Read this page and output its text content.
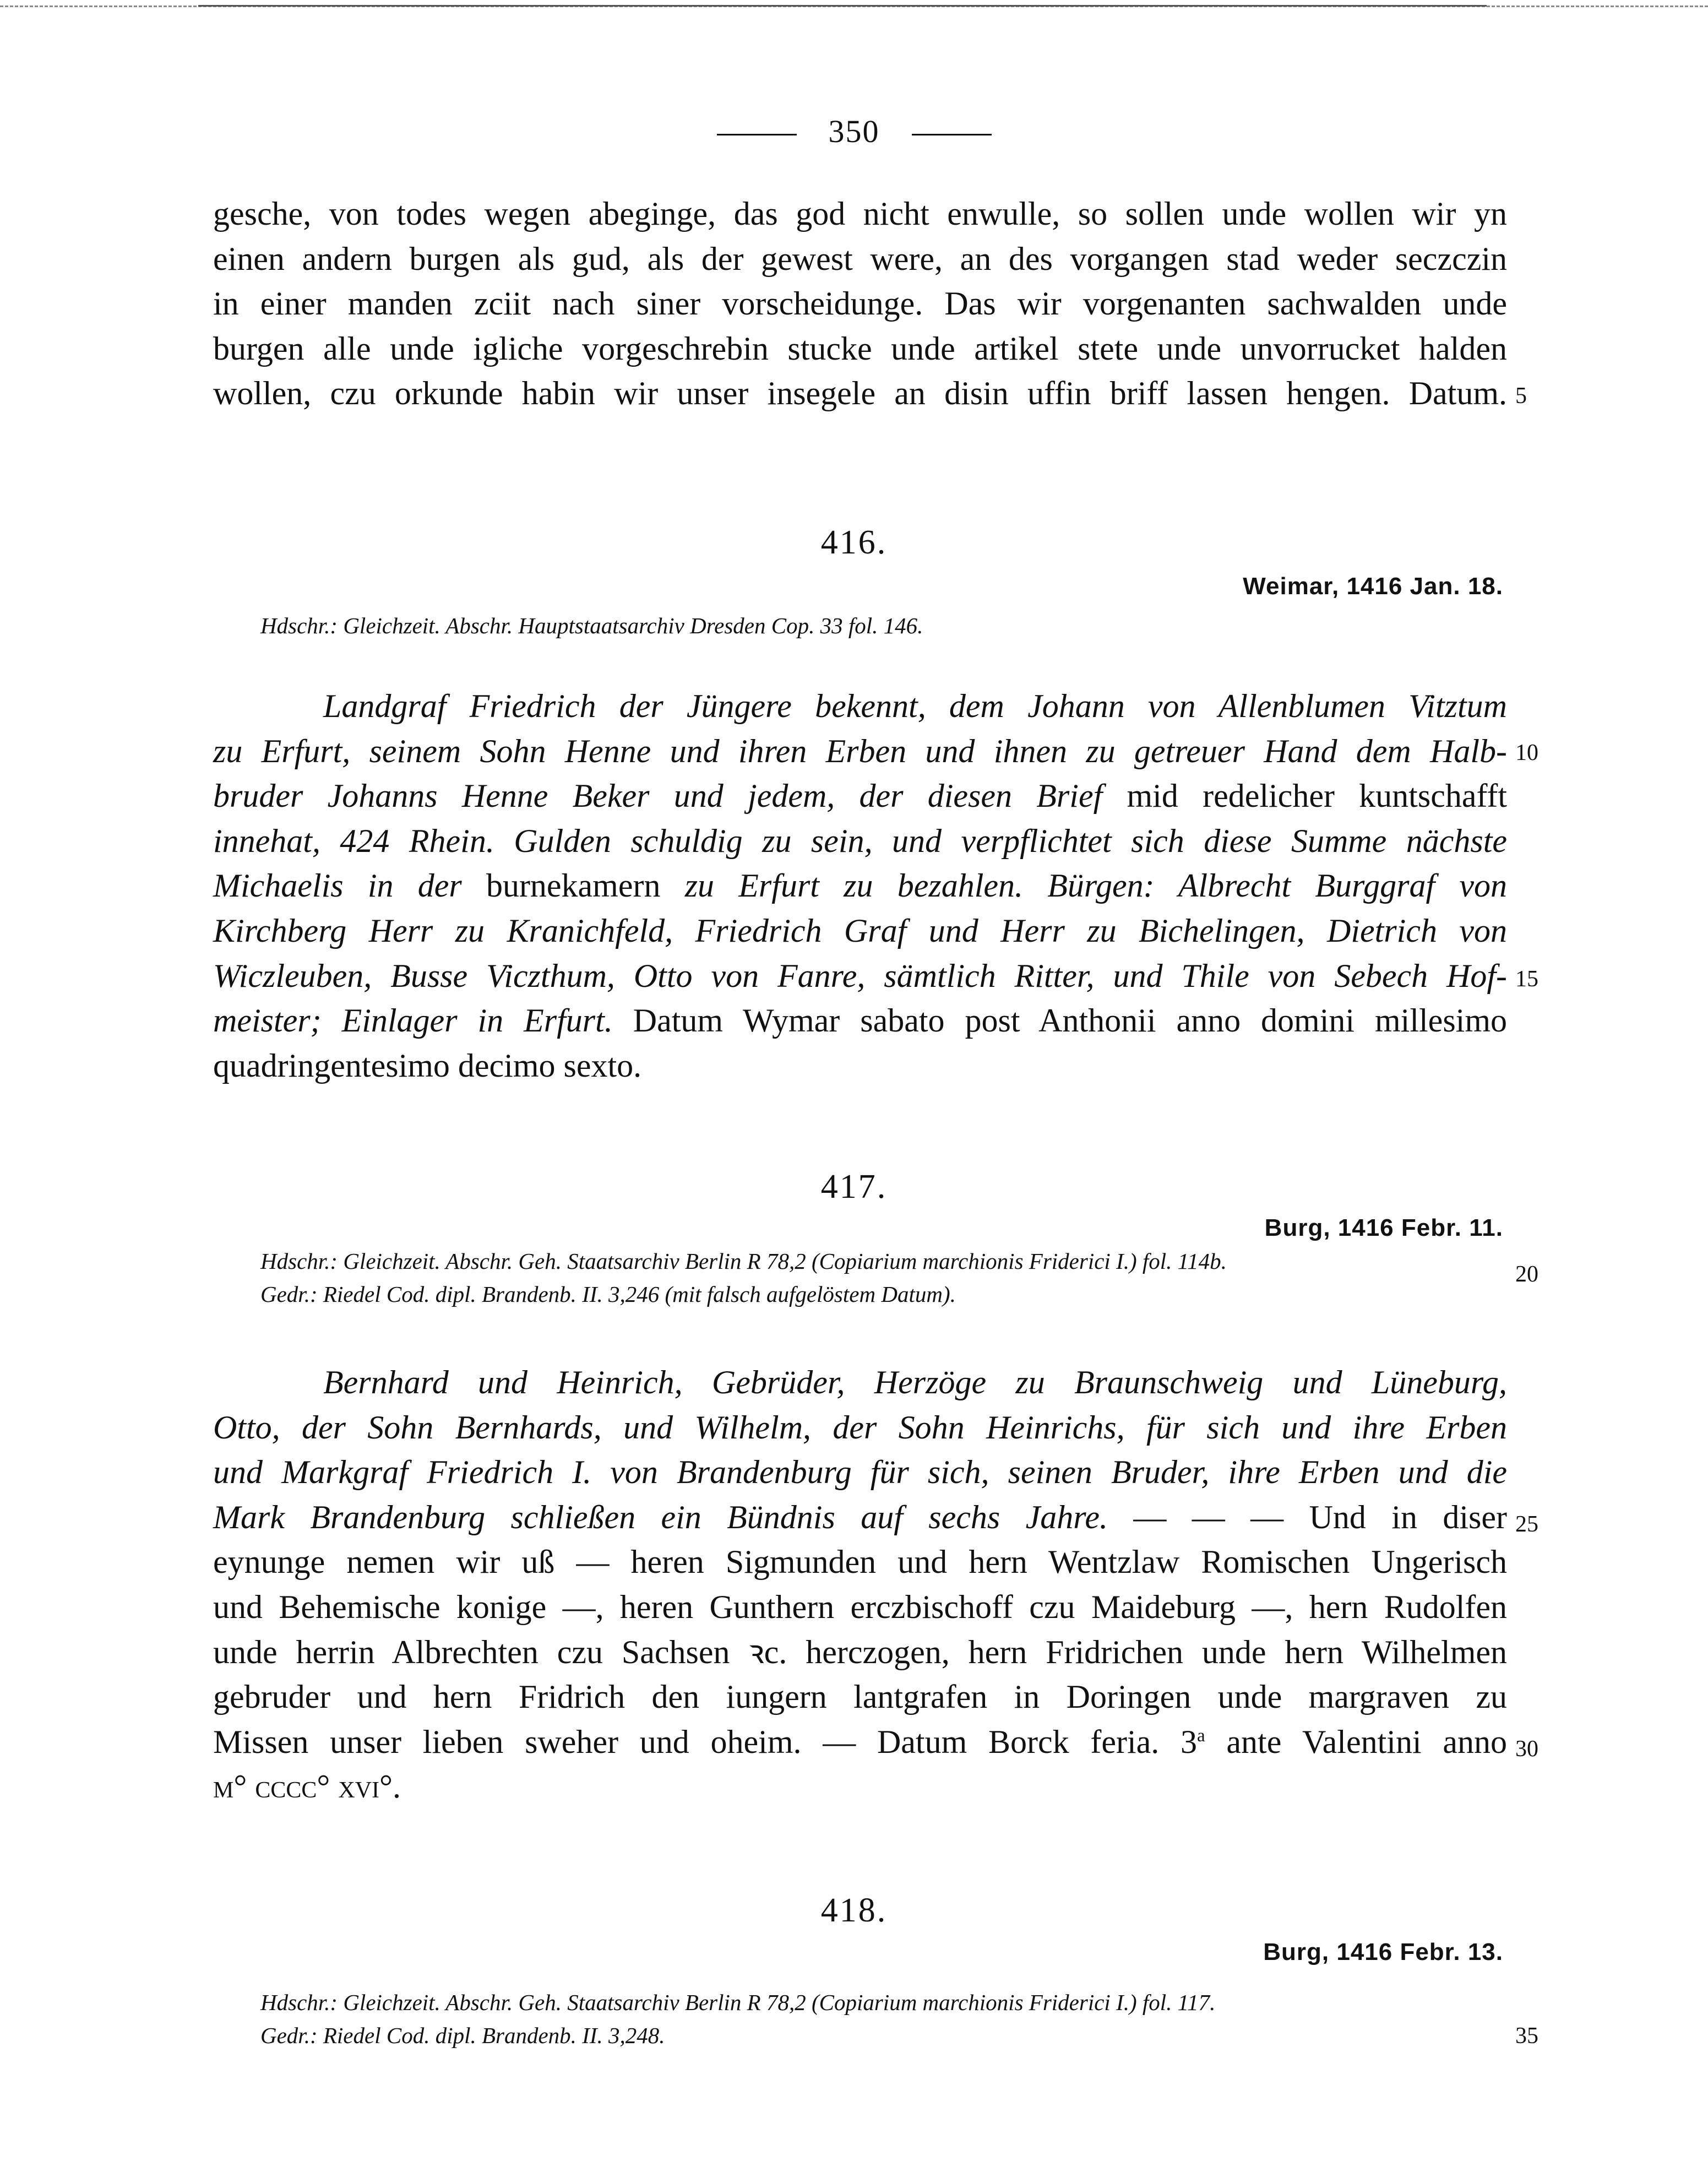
350
gesche, von todes wegen abeginge, das god nicht enwulle, so sollen unde wollen wir yn
einen andern burgen als gud, als der gewest were, an des vorgangen stad weder seczczin
in einer manden zciit nach siner vorscheidunge. Das wir vorgenanten sachwalden unde
burgen alle unde igliche vorgeschrebin stucke unde artikel stete unde unvorrucket halden
wollen, czu orkunde habin wir unser insegele an disin uffin briff lassen hengen. Datum. 5
416.
Weimar, 1416 Jan. 18.
Hdschr.: Gleichzeit. Abschr. Hauptstaatsarchiv Dresden Cop. 33 fol. 146.
Landgraf Friedrich der Jüngere bekennt, dem Johann von Allenblumen Vitztum
zu Erfurt, seinem Sohn Henne und ihren Erben und ihnen zu getreuer Hand dem Halb-
bruder Johanns Henne Beker und jedem, der diesen Brief mid redelicher kuntschafft
innehat, 424 Rhein. Gulden schuldig zu sein, und verpflichtet sich diese Summe nächste
Michaelis in der burnekamern zu Erfurt zu bezahlen. Bürgen: Albrecht Burggraf von
Kirchberg Herr zu Kranichfeld, Friedrich Graf und Herr zu Bichelingen, Dietrich von
Wiczleuben, Busse Viczthum, Otto von Fanre, sämtlich Ritter, und Thile von Sebech Hof-
meister; Einlager in Erfurt. Datum Wymar sabato post Anthonii anno domini millesimo
quadringentesimo decimo sexto.
10
15
417.
Burg, 1416 Febr. 11.
Hdschr.: Gleichzeit. Abschr. Geh. Staatsarchiv Berlin R 78,2 (Copiarium marchionis Friderici I.) fol. 114b.
Gedr.: Riedel Cod. dipl. Brandenb. II. 3,246 (mit falsch aufgelöstem Datum).
20
Bernhard und Heinrich, Gebrüder, Herzöge zu Braunschweig und Lüneburg,
Otto, der Sohn Bernhards, und Wilhelm, der Sohn Heinrichs, für sich und ihre Erben
und Markgraf Friedrich I. von Brandenburg für sich, seinen Bruder, ihre Erben und die
Mark Brandenburg schließen ein Bündnis auf sechs Jahre. — — — Und in diser
eynunge nemen wir uß — heren Sigmunden und hern Wentzlaw Romischen Ungerisch
und Behemische konige —, heren Gunthern erczbischoff czu Maideburg —, hern Rudolfen
unde herrin Albrechten czu Sachsen ꝛc. herczogen, hern Fridrichen unde hern Wilhelmen
gebruder und hern Fridrich den iungern lantgrafen in Doringen unde margraven zu
Missen unser lieben sweher und oheim. — Datum Borck feria. 3$^a$ ante Valentini anno
m° cccc° xvi°.
25
30
418.
Burg, 1416 Febr. 13.
Hdschr.: Gleichzeit. Abschr. Geh. Staatsarchiv Berlin R 78,2 (Copiarium marchionis Friderici I.) fol. 117.
Gedr.: Riedel Cod. dipl. Brandenb. II. 3,248.	35
